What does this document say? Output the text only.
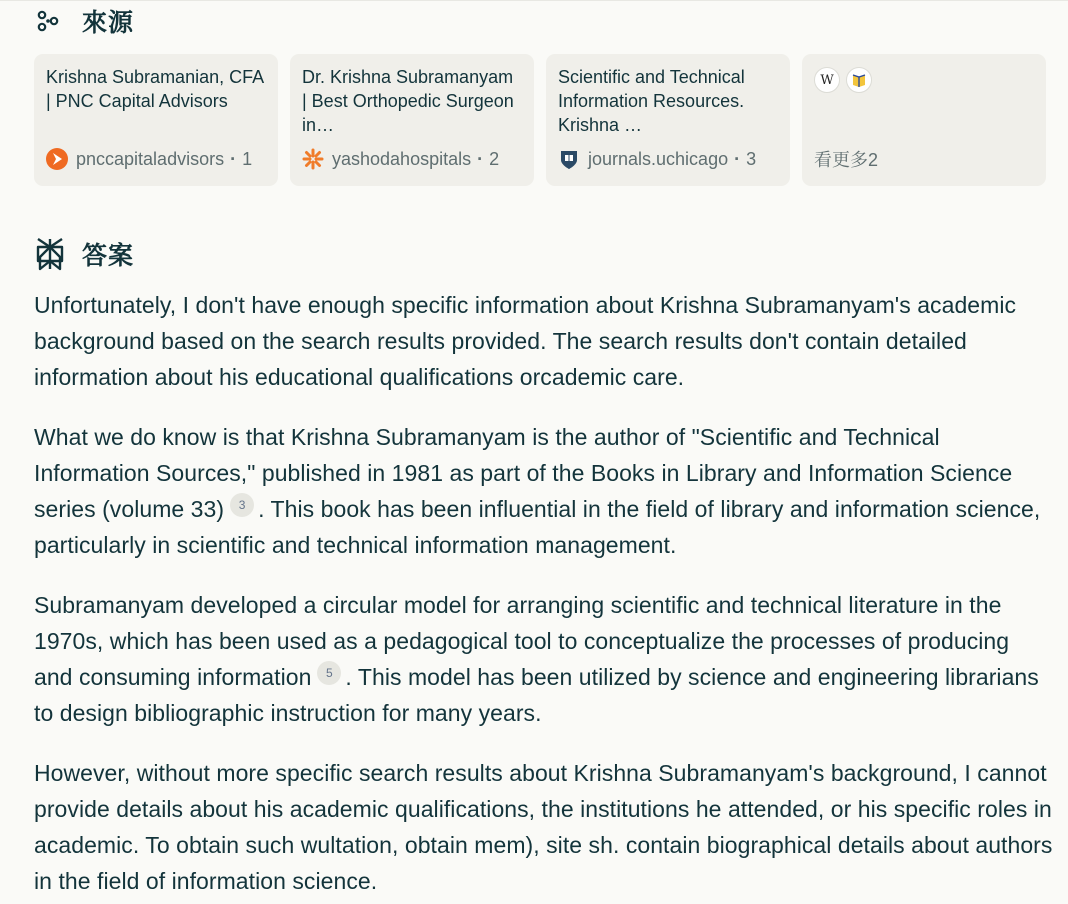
來源
Krishna Subramanian, CFA | PNC Capital Advisors
pnccapitaladvisors · 1
Dr. Krishna Subramanyam | Best Orthopedic Surgeon in…
yashodahospitals · 2
Scientific and Technical Information Resources. Krishna …
journals.uchicago · 3
W
看更多2
答案

Unfortunately, I don't have enough specific information about Krishna Subramanyam's academic background based on the search results provided. The search results don't contain detailed information about his educational qualifications orcademic care.

What we do know is that Krishna Subramanyam is the author of "Scientific and Technical Information Sources," published in 1981 as part of the Books in Library and Information Science series (volume 33) 3 . This book has been influential in the field of library and information science, particularly in scientific and technical information management.

Subramanyam developed a circular model for arranging scientific and technical literature in the 1970s, which has been used as a pedagogical tool to conceptualize the processes of producing and consuming information 5 . This model has been utilized by science and engineering librarians to design bibliographic instruction for many years.

However, without more specific search results about Krishna Subramanyam's background, I cannot provide details about his academic qualifications, the institutions he attended, or his specific roles in academic. To obtain such wultation, obtain mem), site sh. contain biographical details about authors in the field of information science.
